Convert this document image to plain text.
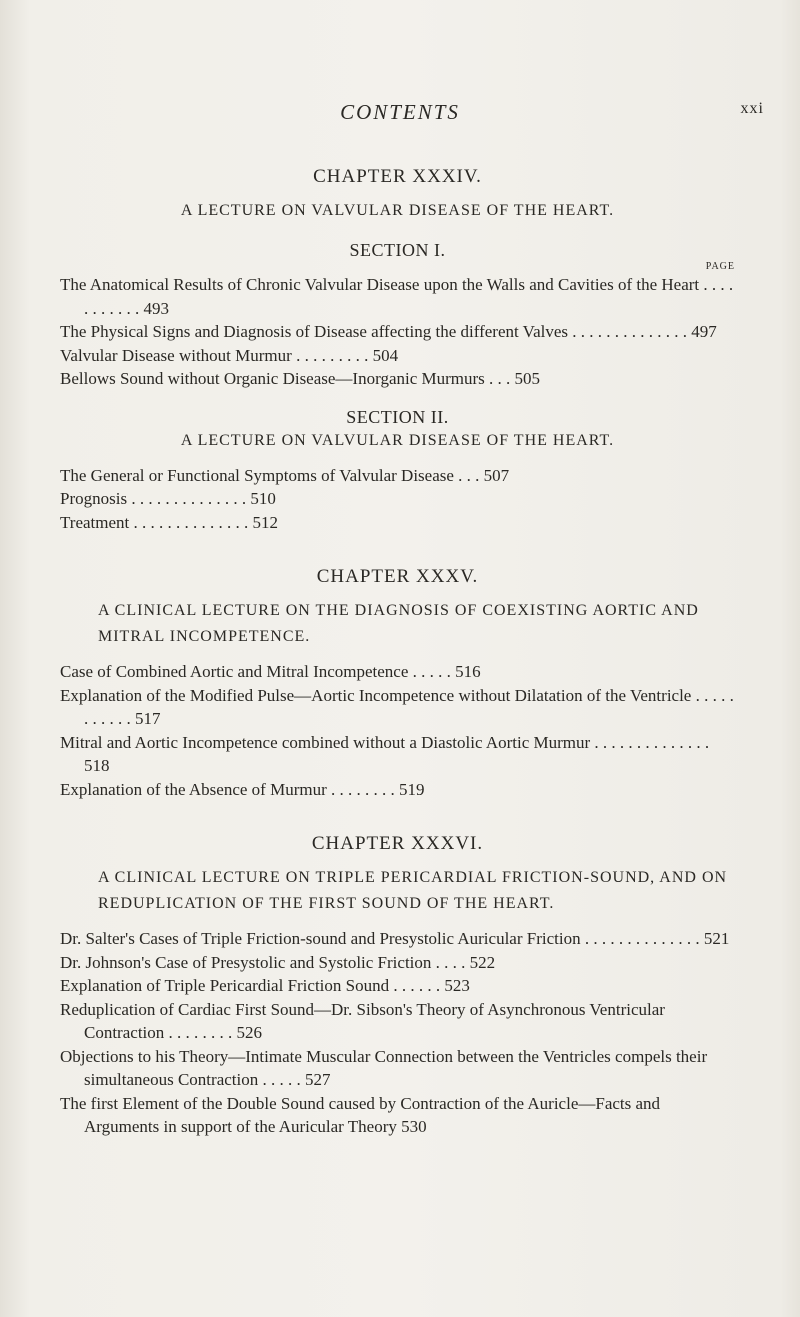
CONTENTS	xxi
CHAPTER XXXIV.
A LECTURE ON VALVULAR DISEASE OF THE HEART.
SECTION I.
PAGE
The Anatomical Results of Chronic Valvular Disease upon the Walls and Cavities of the Heart . . . . . . . . . . . 493
The Physical Signs and Diagnosis of Disease affecting the different Valves . . . . . . . . . . . . . . 497
Valvular Disease without Murmur . . . . . . . . . 504
Bellows Sound without Organic Disease—Inorganic Murmurs . . . 505
SECTION II.
A LECTURE ON VALVULAR DISEASE OF THE HEART.
The General or Functional Symptoms of Valvular Disease . . . 507
Prognosis . . . . . . . . . . . . . . 510
Treatment . . . . . . . . . . . . . . 512
CHAPTER XXXV.
A CLINICAL LECTURE ON THE DIAGNOSIS OF COEXISTING AORTIC AND MITRAL INCOMPETENCE.
Case of Combined Aortic and Mitral Incompetence . . . . . 516
Explanation of the Modified Pulse—Aortic Incompetence without Dilatation of the Ventricle . . . . . . . . . . . 517
Mitral and Aortic Incompetence combined without a Diastolic Aortic Murmur . . . . . . . . . . . . . . 518
Explanation of the Absence of Murmur . . . . . . . . 519
CHAPTER XXXVI.
A CLINICAL LECTURE ON TRIPLE PERICARDIAL FRICTION-SOUND, AND ON REDUPLICATION OF THE FIRST SOUND OF THE HEART.
Dr. Salter's Cases of Triple Friction-sound and Presystolic Auricular Friction . . . . . . . . . . . . . . 521
Dr. Johnson's Case of Presystolic and Systolic Friction . . . . 522
Explanation of Triple Pericardial Friction Sound . . . . . . 523
Reduplication of Cardiac First Sound—Dr. Sibson's Theory of Asynchronous Ventricular Contraction . . . . . . . . 526
Objections to his Theory—Intimate Muscular Connection between the Ventricles compels their simultaneous Contraction . . . . . 527
The first Element of the Double Sound caused by Contraction of the Auricle—Facts and Arguments in support of the Auricular Theory 530
